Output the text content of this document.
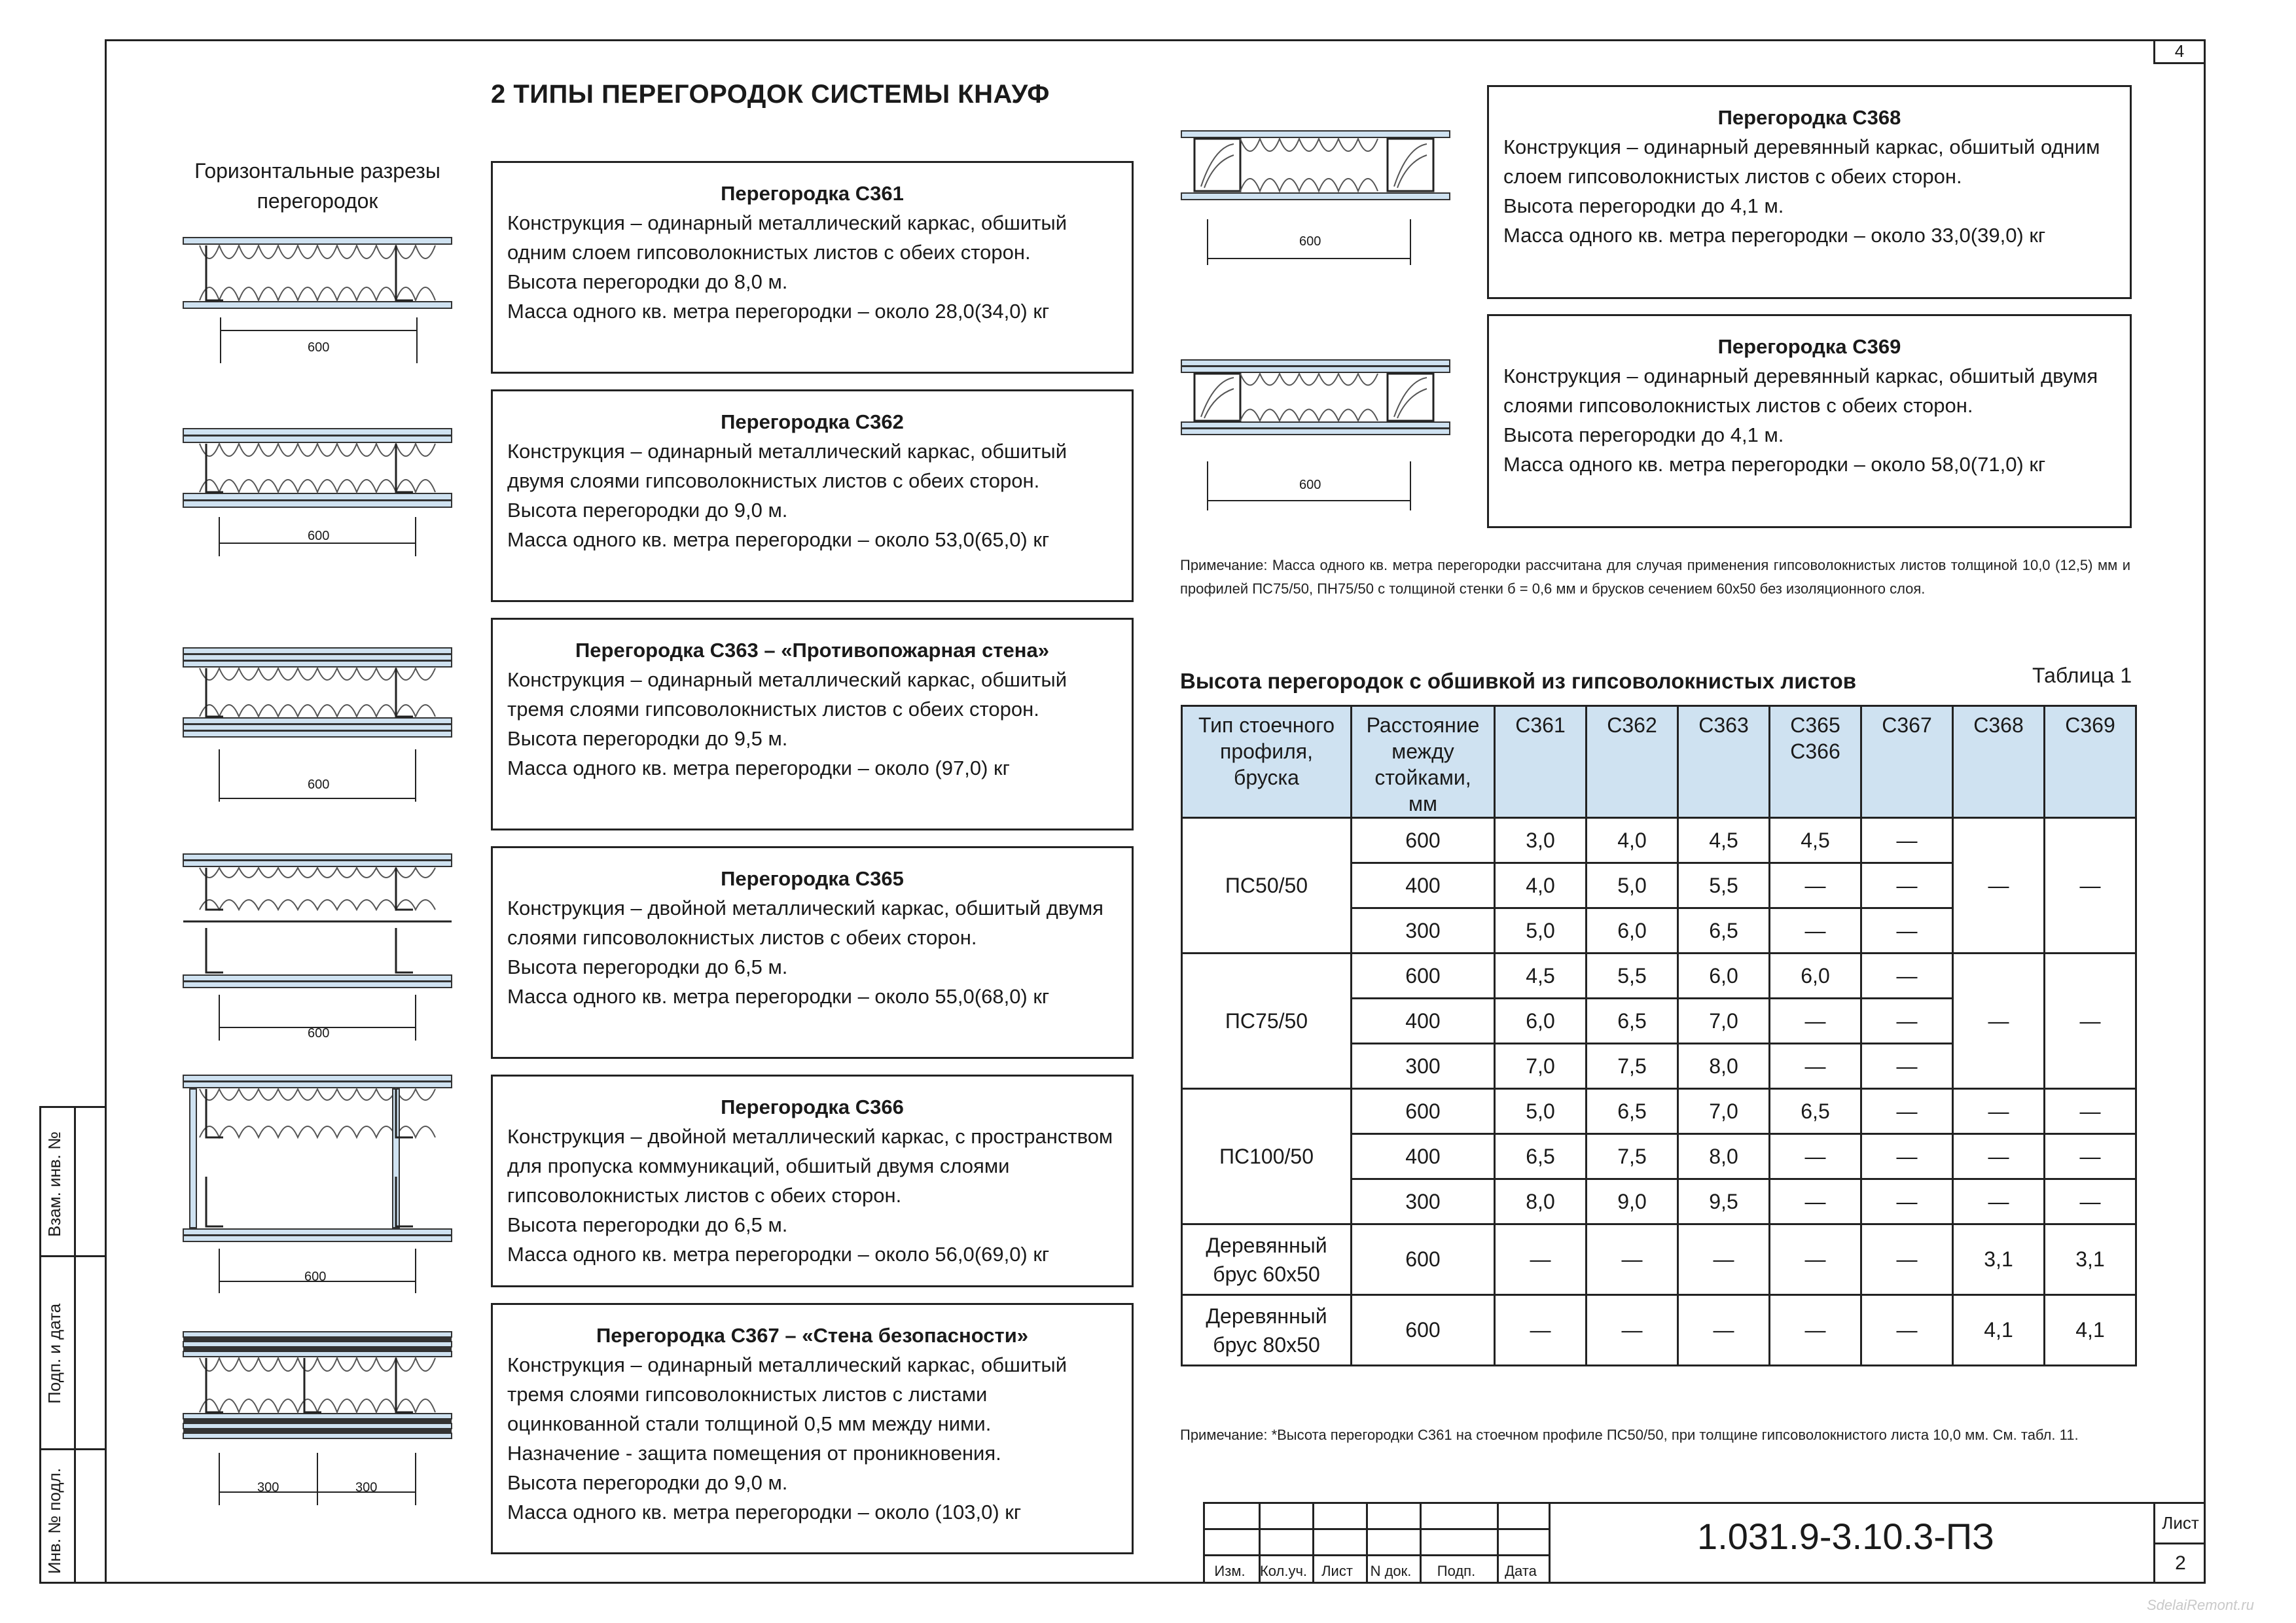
4
2 ТИПЫ ПЕРЕГОРОДОК СИСТЕМЫ КНАУФ
Горизонтальные разрезы перегородок	Перегородка С361
Конструкция – одинарный металлический каркас, обшитый одним слоем гипсоволокнистых листов с обеих сторон.
Высота перегородки до 8,0 м.
Масса одного кв. метра перегородки – около 28,0(34,0) кг
Перегородка С362
Конструкция – одинарный металлический каркас, обшитый двумя слоями гипсоволокнистых листов с обеих сторон.
Высота перегородки до 9,0 м.
Масса одного кв. метра перегородки – около 53,0(65,0) кг
Перегородка С363 – «Противопожарная стена»
Конструкция – одинарный металлический каркас, обшитый тремя слоями гипсоволокнистых листов с обеих сторон.
Высота перегородки до 9,5 м.
Масса одного кв. метра перегородки – около (97,0) кг
Перегородка С365
Конструкция – двойной металлический каркас, обшитый двумя слоями гипсоволокнистых листов с обеих сторон.
Высота перегородки до 6,5 м.
Масса одного кв. метра перегородки – около 55,0(68,0) кг
Перегородка С366
Конструкция – двойной металлический каркас, с пространством для пропуска коммуникаций, обшитый двумя слоями гипсоволокнистых листов с обеих сторон.
Высота перегородки до 6,5 м.
Масса одного кв. метра перегородки – около 56,0(69,0) кг
Перегородка С367 – «Стена безопасности»
Конструкция – одинарный металлический каркас, обшитый тремя слоями гипсоволокнистых листов с листами оцинкованной стали толщиной 0,5 мм между ними.
Назначение - защита помещения от проникновения.
Высота перегородки до 9,0 м.
Масса одного кв. метра перегородки – около (103,0) кг
Перегородка С368
Конструкция – одинарный деревянный каркас, обшитый одним слоем гипсоволокнистых листов с обеих сторон.
Высота перегородки до 4,1 м.
Масса одного кв. метра перегородки – около 33,0(39,0) кг
Перегородка С369
Конструкция – одинарный деревянный каркас, обшитый двумя слоями гипсоволокнистых листов с обеих сторон.
Высота перегородки до 4,1 м.
Масса одного кв. метра перегородки – около 58,0(71,0) кг
600
600
600
600
600
300	300
600
600
Примечание: Масса одного кв. метра перегородки рассчитана для случая применения гипсоволокнистых листов толщиной 10,0 (12,5) мм и профилей ПС75/50, ПН75/50 с толщиной стенки б = 0,6 мм и брусков сечением 60х50 без изоляционного слоя.
Высота перегородок с обшивкой из гипсоволокнистых листов	Таблица 1
Тип стоечного профиля, бруска	Расстояние между стойками, мм	С361	С362	С363	С365 С366	С367	С368	С369
ПС50/50	600	3,0	4,0	4,5	4,5	—	—	—
	400	4,0	5,0	5,5	—	—		
	300	5,0	6,0	6,5	—	—		
ПС75/50	600	4,5	5,5	6,0	6,0	—	—	—
	400	6,0	6,5	7,0	—	—		
	300	7,0	7,5	8,0	—	—		
ПС100/50	600	5,0	6,5	7,0	6,5	—	—	—
	400	6,5	7,5	8,0	—	—	—	—
	300	8,0	9,0	9,5	—	—	—	—
Деревянный брус 60х50	600	—	—	—	—	—	3,1	3,1
Деревянный брус 80х50	600	—	—	—	—	—	4,1	4,1
Примечание: *Высота перегородки С361 на стоечном профиле ПС50/50, при толщине гипсоволокнистого листа 10,0 мм. См. табл. 11.
Взам. инв. №
Подп. и дата
Инв. № подл.	Изм.	Кол.уч.	Лист	N док.	Подп.	Дата
1.031.9-3.10.3-ПЗ	Лист
2
SdelaiRemont.ru
